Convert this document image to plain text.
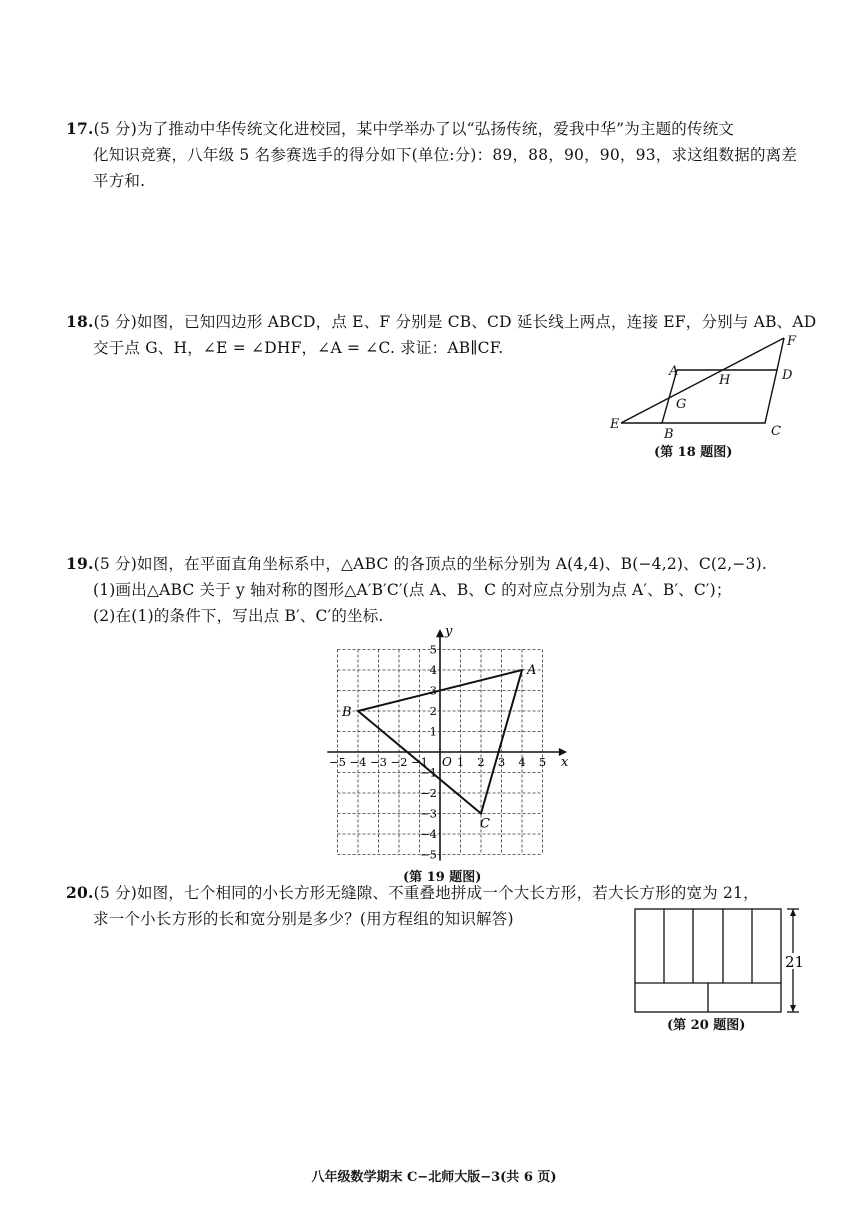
17.(5 分)为了推动中华传统文化进校园，某中学举办了以“弘扬传统，爱我中华”为主题的传统文
化知识竞赛，八年级 5 名参赛选手的得分如下(单位:分)：89，88，90，90，93，求这组数据的离差
平方和.
18.(5 分)如图，已知四边形 ABCD，点 E、F 分别是 CB、CD 延长线上两点，连接 EF，分别与 AB、AD
交于点 G、H，∠E = ∠DHF，∠A = ∠C. 求证：AB∥CF.
A	D
C
B
E
F
G
H
(第 18 题图)
19.(5 分)如图，在平面直角坐标系中，△ABC 的各顶点的坐标分别为 A(4,4)、B(−4,2)、C(2,−3).
(1)画出△ABC 关于 y 轴对称的图形△A′B′C′(点 A、B、C 的对应点分别为点 A′、B′、C′)；
(2)在(1)的条件下，写出点 B′、C′的坐标.
x
y
O
−5 −4 −3 −2 −1	1 2 3 4 5
5
4
3
2
1
−1
−2
−3
−4
−5
A
B
C
(第 19 题图)
20.(5 分)如图，七个相同的小长方形无缝隙、不重叠地拼成一个大长方形，若大长方形的宽为 21，
求一个小长方形的长和宽分别是多少？(用方程组的知识解答)
21
(第 20 题图)
八年级数学期末 C−北师大版−3(共 6 页)
